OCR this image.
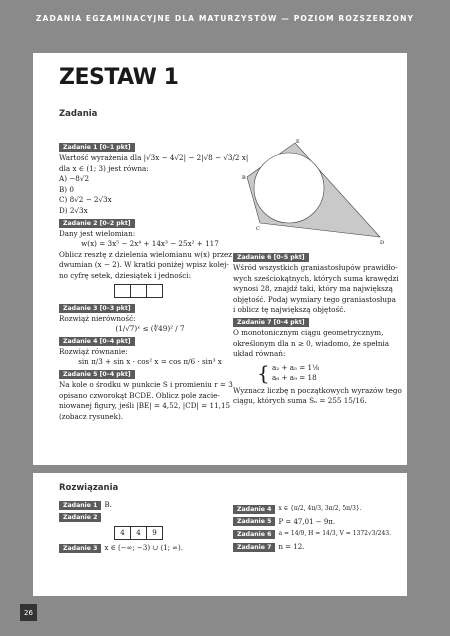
ZADANIA EGZAMINACYJNE DLA MATURZYSTÓW — POZIOM ROZSZERZONY
ZESTAW 1
Zadania
Zadanie 1 [0–1 pkt]
Wartość wyrażenia dla |√3x − 4√2| − 2|√8 − √3/2 x|
dla x ∈ (1; 3) jest równa:
A) −8√2
B) 0
C) 8√2 − 2√3x
D) 2√3x
Zadanie 2 [0–2 pkt]
Dany jest wielomian:
w(x) = 3x⁵ − 2x⁴ + 14x³ − 25x² + 117
Oblicz resztę z dzielenia wielomianu w(x) przez
dwumian (x − 2). W kratki poniżej wpisz kolej-
no cyfrę setek, dziesiątek i jedności:
Zadanie 3 [0–3 pkt]
Rozwiąż nierówność:
(1/√7)ˣ ≤ (∜49)² / 7
Zadanie 4 [0–4 pkt]
Rozwiąż równanie:
sin π/3 + sin x · cos² x = cos π/6 · sin³ x
Zadanie 5 [0–4 pkt]
Na kole o środku w punkcie S i promieniu r = 3
opisano czworokąt BCDE. Oblicz pole zacie-
niowanej figury, jeśli |BE| = 4,52, |CD| = 11,15
(zobacz rysunek).
B
C
D
E
Zadanie 6 [0–5 pkt]
Wśród wszystkich graniastosłupów prawidło-
wych sześciokątnych, których suma krawędzi
wynosi 28, znajdź taki, który ma największą
objętość. Podaj wymiary tego graniastosłupa
i oblicz tę największą objętość.
Zadanie 7 [0–4 pkt]
O monotonicznym ciągu geometrycznym,
określonym dla n ≥ 0, wiadomo, że spełnia
układ równań:
{ a₂ + a₅ = 1⅛
a₆ + a₉ = 18
Wyznacz liczbę n początkowych wyrazów tego
ciągu, których suma Sₙ = 255 15/16.
Rozwiązania
Zadanie 1	B.
Zadanie 2
4	4	9
Zadanie 3	x ∈ (−∞; −3) ∪ ⟨1; ∞).
Zadanie 4	x ∈ {π/2, 4π/3, 3π/2, 5π/3}.
Zadanie 5	P = 47,01 − 9π.
Zadanie 6	a = 14/9, H = 14/3, V = 1372√3/243.
Zadanie 7	n = 12.
26
